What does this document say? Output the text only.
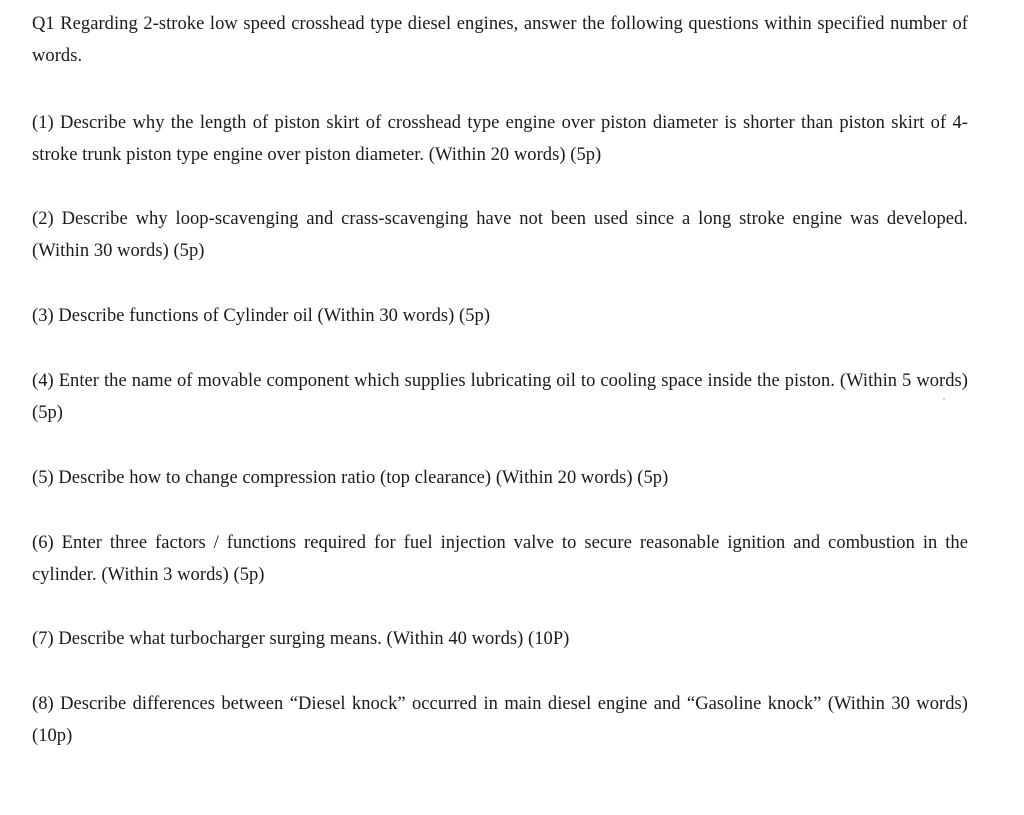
Q1 Regarding 2-stroke low speed crosshead type diesel engines, answer the following questions within specified number of words.
(1) Describe why the length of piston skirt of crosshead type engine over piston diameter is shorter than piston skirt of 4-stroke trunk piston type engine over piston diameter. (Within 20 words) (5p)
(2) Describe why loop-scavenging and crass-scavenging have not been used since a long stroke engine was developed. (Within 30 words) (5p)
(3) Describe functions of Cylinder oil (Within 30 words) (5p)
(4) Enter the name of movable component which supplies lubricating oil to cooling space inside the piston. (Within 5 words) (5p)
(5) Describe how to change compression ratio (top clearance) (Within 20 words) (5p)
(6) Enter three factors / functions required for fuel injection valve to secure reasonable ignition and combustion in the cylinder. (Within 3 words) (5p)
(7) Describe what turbocharger surging means. (Within 40 words) (10P)
(8) Describe differences between “Diesel knock” occurred in main diesel engine and “Gasoline knock” (Within 30 words) (10p)
